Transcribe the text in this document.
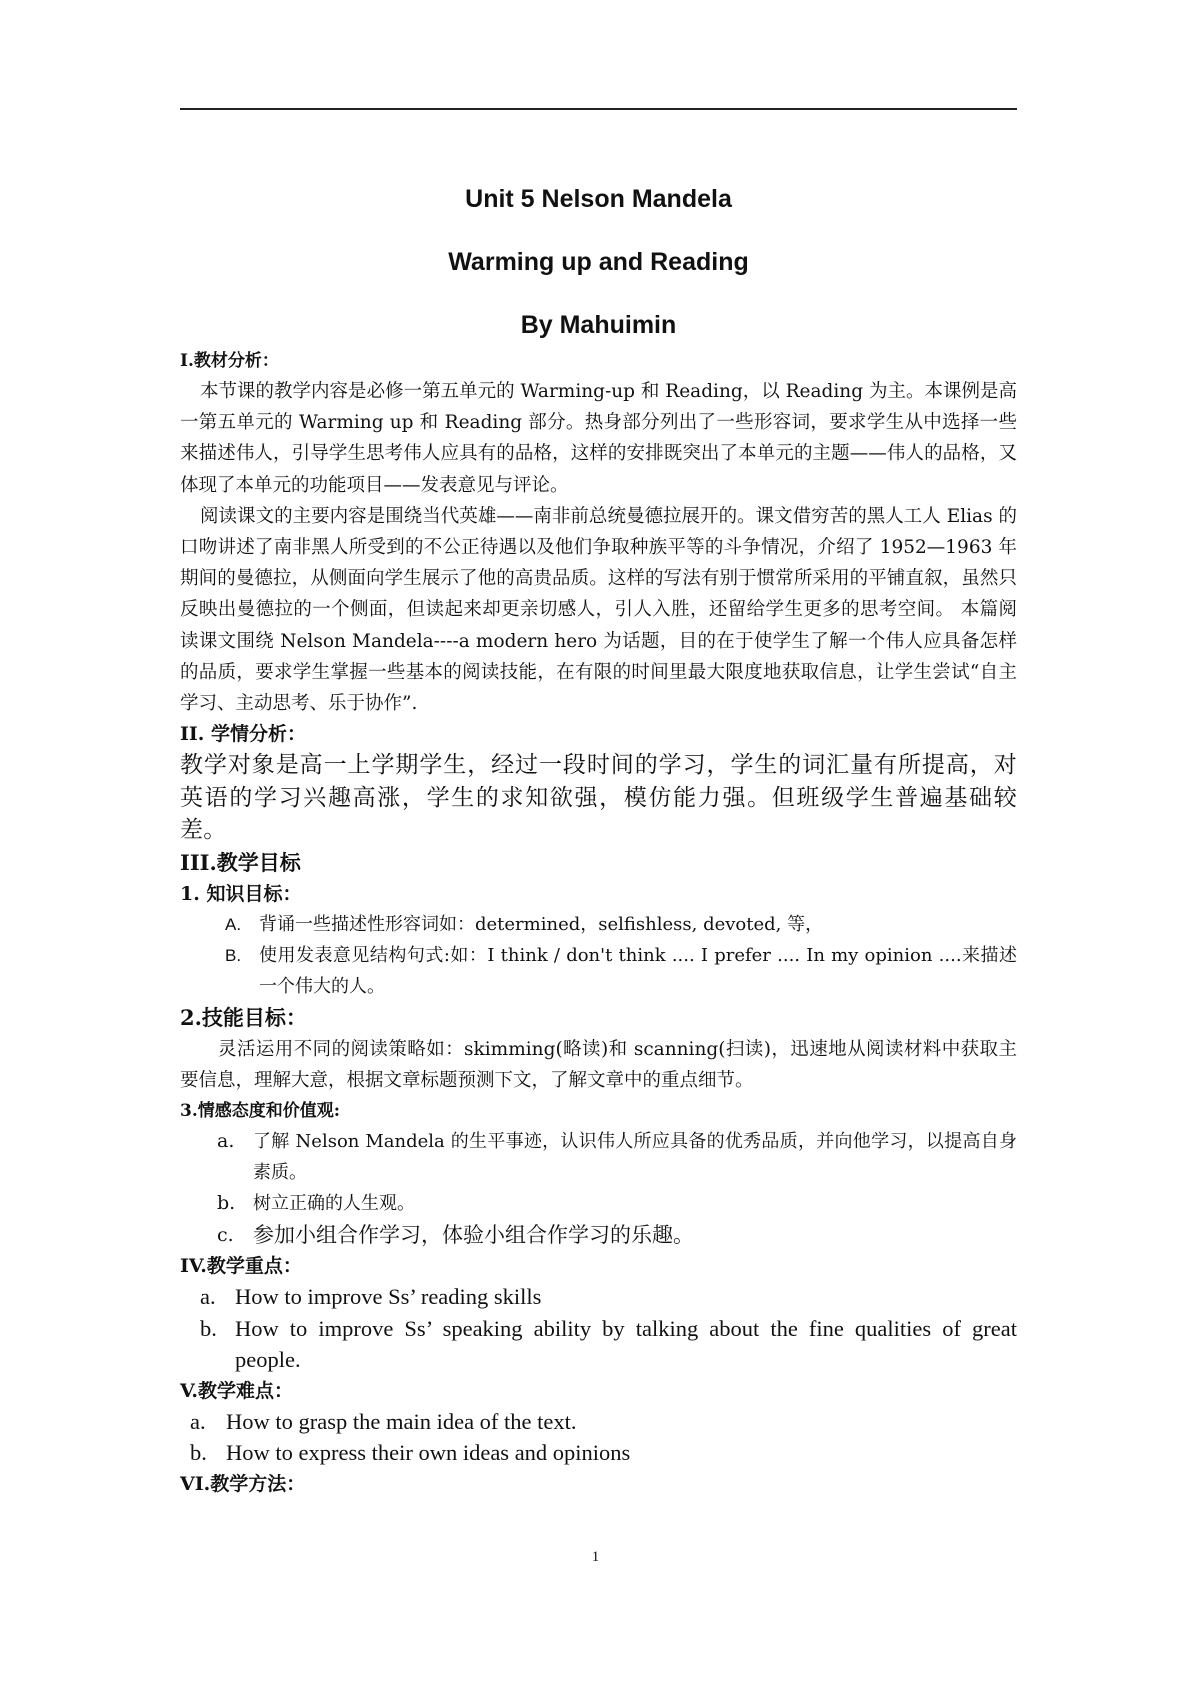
Unit 5 Nelson Mandela

Warming up and Reading

By Mahuimin

I.教材分析：

本节课的教学内容是必修一第五单元的 Warming-up 和 Reading，以 Reading 为主。本课例是高一第五单元的 Warming up 和 Reading 部分。热身部分列出了一些形容词，要求学生从中选择一些来描述伟人，引导学生思考伟人应具有的品格，这样的安排既突出了本单元的主题——伟人的品格，又体现了本单元的功能项目——发表意见与评论。

阅读课文的主要内容是围绕当代英雄——南非前总统曼德拉展开的。课文借穷苦的黑人工人 Elias 的口吻讲述了南非黑人所受到的不公正待遇以及他们争取种族平等的斗争情况，介绍了 1952—1963 年期间的曼德拉，从侧面向学生展示了他的高贵品质。这样的写法有别于惯常所采用的平铺直叙，虽然只反映出曼德拉的一个侧面，但读起来却更亲切感人，引人入胜，还留给学生更多的思考空间。 本篇阅读课文围绕 Nelson Mandela----a modern hero 为话题，目的在于使学生了解一个伟人应具备怎样的品质，要求学生掌握一些基本的阅读技能，在有限的时间里最大限度地获取信息，让学生尝试“自主学习、主动思考、乐于协作”.

II. 学情分析：

教学对象是高一上学期学生，经过一段时间的学习，学生的词汇量有所提高，对英语的学习兴趣高涨，学生的求知欲强，模仿能力强。但班级学生普遍基础较差。

III.教学目标

1. 知识目标：

A. 背诵一些描述性形容词如：determined，selfishless, devoted, 等，
B. 使用发表意见结构句式:如：I think / don't think .... I prefer .... In my opinion ....来描述一个伟大的人。

2.技能目标：

灵活运用不同的阅读策略如：skimming(略读)和 scanning(扫读)，迅速地从阅读材料中获取主要信息，理解大意，根据文章标题预测下文，了解文章中的重点细节。

3.情感态度和价值观:

a. 了解 Nelson Mandela 的生平事迹，认识伟人所应具备的优秀品质，并向他学习，以提高自身素质。
b. 树立正确的人生观。
c. 参加小组合作学习，体验小组合作学习的乐趣。

IV.教学重点：

a. How to improve Ss’ reading skills
b. How to improve Ss’ speaking ability by talking about the fine qualities of great people.

V.教学难点：

a. How to grasp the main idea of the text.
b. How to express their own ideas and opinions

VI.教学方法：

1
